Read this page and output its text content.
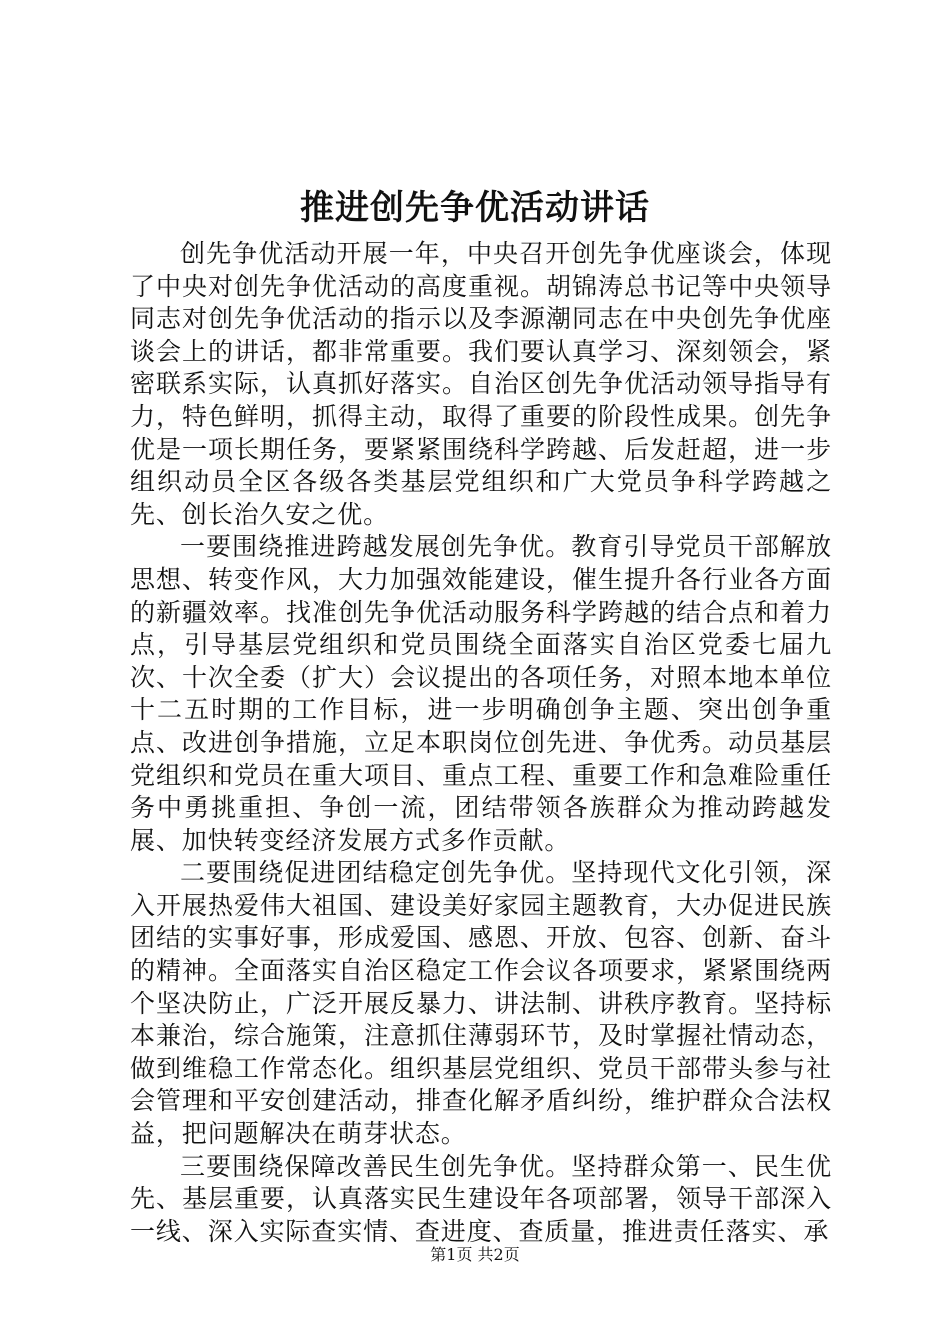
推进创先争优活动讲话

创先争优活动开展一年，中央召开创先争优座谈会，体现了中央对创先争优活动的高度重视。胡锦涛总书记等中央领导同志对创先争优活动的指示以及李源潮同志在中央创先争优座谈会上的讲话，都非常重要。我们要认真学习、深刻领会，紧密联系实际，认真抓好落实。自治区创先争优活动领导指导有力，特色鲜明，抓得主动，取得了重要的阶段性成果。创先争优是一项长期任务，要紧紧围绕科学跨越、后发赶超，进一步组织动员全区各级各类基层党组织和广大党员争科学跨越之先、创长治久安之优。

一要围绕推进跨越发展创先争优。教育引导党员干部解放思想、转变作风，大力加强效能建设，催生提升各行业各方面的新疆效率。找准创先争优活动服务科学跨越的结合点和着力点，引导基层党组织和党员围绕全面落实自治区党委七届九次、十次全委（扩大）会议提出的各项任务，对照本地本单位十二五时期的工作目标，进一步明确创争主题、突出创争重点、改进创争措施，立足本职岗位创先进、争优秀。动员基层党组织和党员在重大项目、重点工程、重要工作和急难险重任务中勇挑重担、争创一流，团结带领各族群众为推动跨越发展、加快转变经济发展方式多作贡献。

二要围绕促进团结稳定创先争优。坚持现代文化引领，深入开展热爱伟大祖国、建设美好家园主题教育，大办促进民族团结的实事好事，形成爱国、感恩、开放、包容、创新、奋斗的精神。全面落实自治区稳定工作会议各项要求，紧紧围绕两个坚决防止，广泛开展反暴力、讲法制、讲秩序教育。坚持标本兼治，综合施策，注意抓住薄弱环节，及时掌握社情动态，做到维稳工作常态化。组织基层党组织、党员干部带头参与社会管理和平安创建活动，排查化解矛盾纠纷，维护群众合法权益，把问题解决在萌芽状态。

三要围绕保障改善民生创先争优。坚持群众第一、民生优先、基层重要，认真落实民生建设年各项部署，领导干部深入一线、深入实际查实情、查进度、查质量，推进责任落实、承

第1页 共2页
